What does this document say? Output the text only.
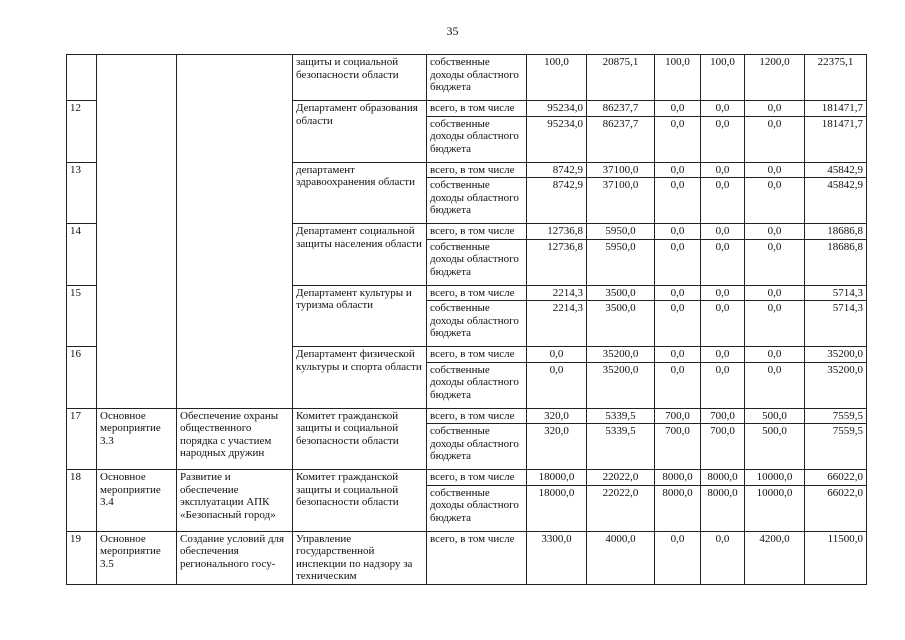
35
			защиты и социальной безопасности области	собственные доходы областного бюджета	100,0	20875,1	100,0	100,0	1200,0	22375,1
12			Департамент образования области	всего, в том числе	95234,0	86237,7	0,0	0,0	0,0	181471,7
				собственные доходы областного бюджета	95234,0	86237,7	0,0	0,0	0,0	181471,7
13			департамент здравоохранения области	всего, в том числе	8742,9	37100,0	0,0	0,0	0,0	45842,9
				собственные доходы областного бюджета	8742,9	37100,0	0,0	0,0	0,0	45842,9
14			Департамент социальной защиты населения области	всего, в том числе	12736,8	5950,0	0,0	0,0	0,0	18686,8
				собственные доходы областного бюджета	12736,8	5950,0	0,0	0,0	0,0	18686,8
15			Департамент культуры и туризма области	всего, в том числе	2214,3	3500,0	0,0	0,0	0,0	5714,3
				собственные доходы областного бюджета	2214,3	3500,0	0,0	0,0	0,0	5714,3
16			Департамент физической культуры и спорта области	всего, в том числе	0,0	35200,0	0,0	0,0	0,0	35200,0
				собственные доходы областного бюджета	0,0	35200,0	0,0	0,0	0,0	35200,0
17	Основное мероприятие 3.3	Обеспечение охраны общественного порядка с участием народных дружин	Комитет гражданской защиты и социальной безопасности области	всего, в том числе	320,0	5339,5	700,0	700,0	500,0	7559,5
				собственные доходы областного бюджета	320,0	5339,5	700,0	700,0	500,0	7559,5
18	Основное мероприятие 3.4	Развитие и обеспечение эксплуатации АПК «Безопасный город»	Комитет гражданской защиты и социальной безопасности области	всего, в том числе	18000,0	22022,0	8000,0	8000,0	10000,0	66022,0
				собственные доходы областного бюджета	18000,0	22022,0	8000,0	8000,0	10000,0	66022,0
19	Основное мероприятие 3.5	Создание условий для обеспечения регионального госу-	Управление государственной инспекции по надзору за техническим	всего, в том числе	3300,0	4000,0	0,0	0,0	4200,0	11500,0
